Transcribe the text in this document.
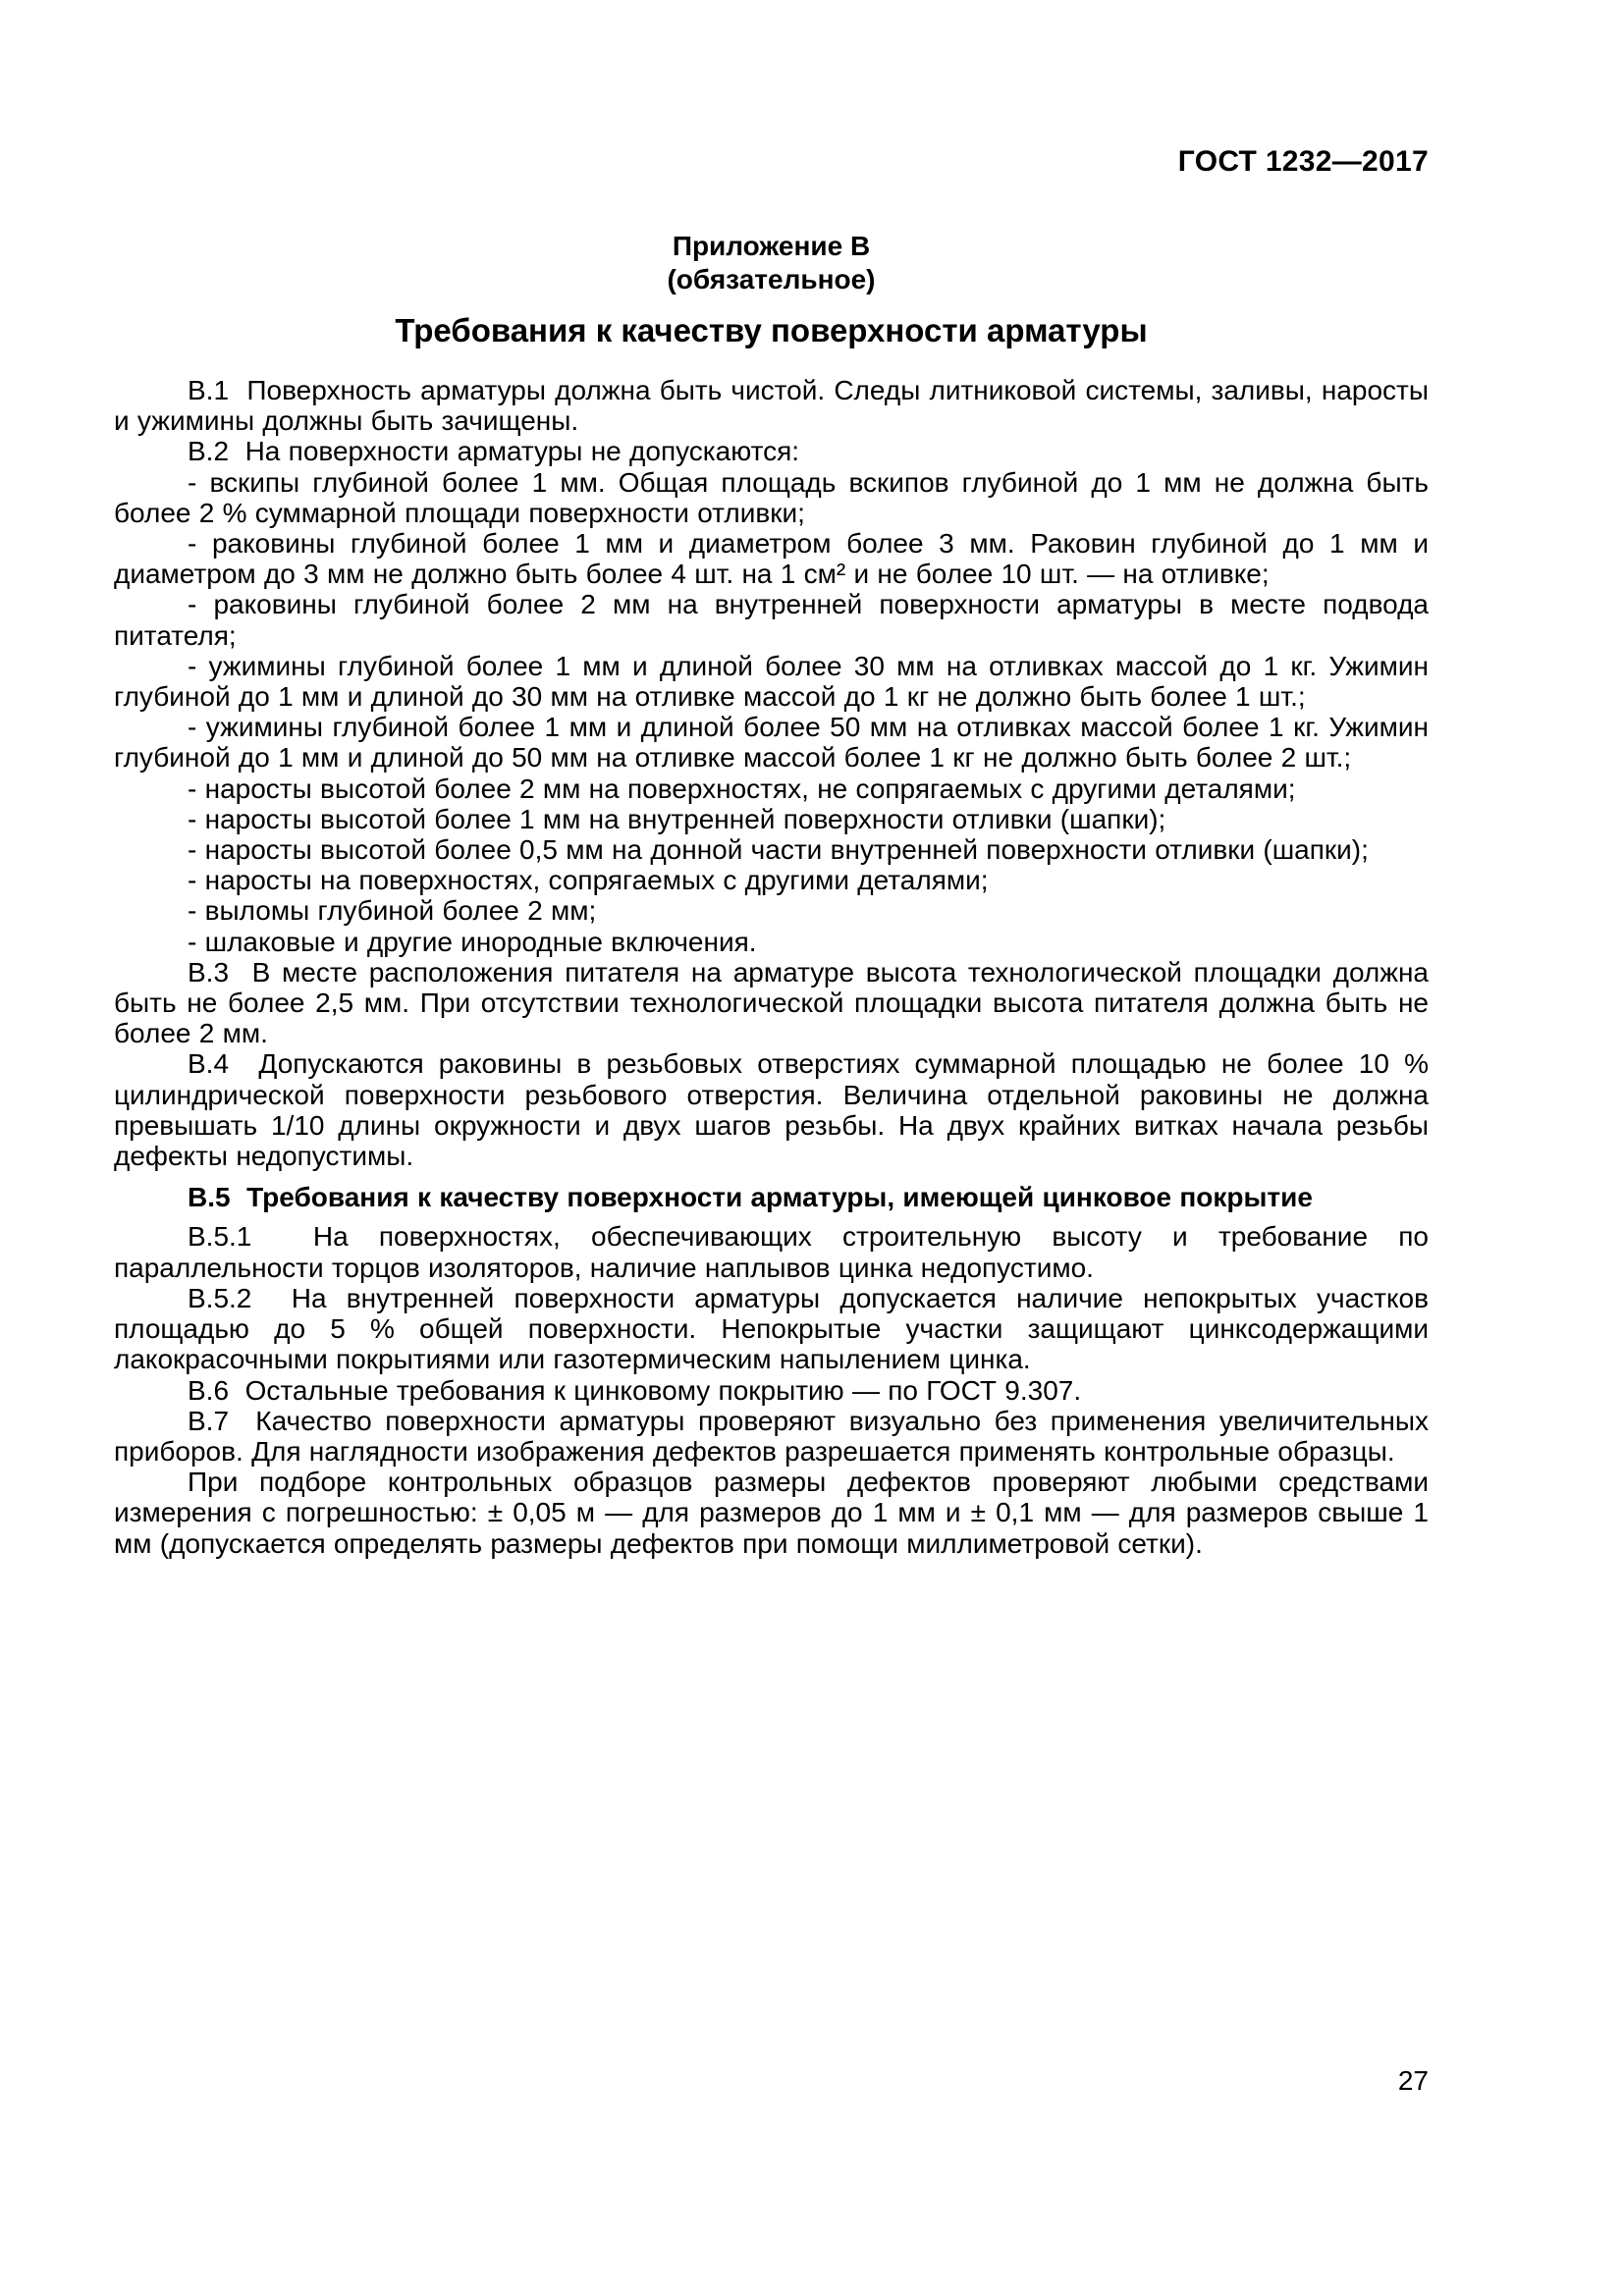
ГОСТ 1232—2017
Приложение В
(обязательное)
Требования к качеству поверхности арматуры

В.1  Поверхность арматуры должна быть чистой. Следы литниковой системы, заливы, наросты и ужимины должны быть зачищены.

В.2  На поверхности арматуры не допускаются:

- вскипы глубиной более 1 мм. Общая площадь вскипов глубиной до 1 мм не должна быть более 2 % суммарной площади поверхности отливки;

- раковины глубиной более 1 мм и диаметром более 3 мм. Раковин глубиной до 1 мм и диаметром до 3 мм не должно быть более 4 шт. на 1 см² и не более 10 шт. — на отливке;

- раковины глубиной более 2 мм на внутренней поверхности арматуры в месте подвода питателя;

- ужимины глубиной более 1 мм и длиной более 30 мм на отливках массой до 1 кг. Ужимин глубиной до 1 мм и длиной до 30 мм на отливке массой до 1 кг не должно быть более 1 шт.;

- ужимины глубиной более 1 мм и длиной более 50 мм на отливках массой более 1 кг. Ужимин глубиной до 1 мм и длиной до 50 мм на отливке массой более 1 кг не должно быть более 2 шт.;

- наросты высотой более 2 мм на поверхностях, не сопрягаемых с другими деталями;

- наросты высотой более 1 мм на внутренней поверхности отливки (шапки);

- наросты высотой более 0,5 мм на донной части внутренней поверхности отливки (шапки);

- наросты на поверхностях, сопрягаемых с другими деталями;

- выломы глубиной более 2 мм;

- шлаковые и другие инородные включения.

В.3  В месте расположения питателя на арматуре высота технологической площадки должна быть не более 2,5 мм. При отсутствии технологической площадки высота питателя должна быть не более 2 мм.

В.4  Допускаются раковины в резьбовых отверстиях суммарной площадью не более 10 % цилиндрической поверхности резьбового отверстия. Величина отдельной раковины не должна превышать 1/10 длины окружности и двух шагов резьбы. На двух крайних витках начала резьбы дефекты недопустимы.

В.5  Требования к качеству поверхности арматуры, имеющей цинковое покрытие

В.5.1  На поверхностях, обеспечивающих строительную высоту и требование по параллельности торцов изоляторов, наличие наплывов цинка недопустимо.

В.5.2  На внутренней поверхности арматуры допускается наличие непокрытых участков площадью до 5 % общей поверхности. Непокрытые участки защищают цинксодержащими лакокрасочными покрытиями или газотермическим напылением цинка.

В.6  Остальные требования к цинковому покрытию — по ГОСТ 9.307.

В.7  Качество поверхности арматуры проверяют визуально без применения увеличительных приборов. Для наглядности изображения дефектов разрешается применять контрольные образцы.

При подборе контрольных образцов размеры дефектов проверяют любыми средствами измерения с погрешностью: ± 0,05 м — для размеров до 1 мм и ± 0,1 мм — для размеров свыше 1 мм (допускается определять размеры дефектов при помощи миллиметровой сетки).

27
